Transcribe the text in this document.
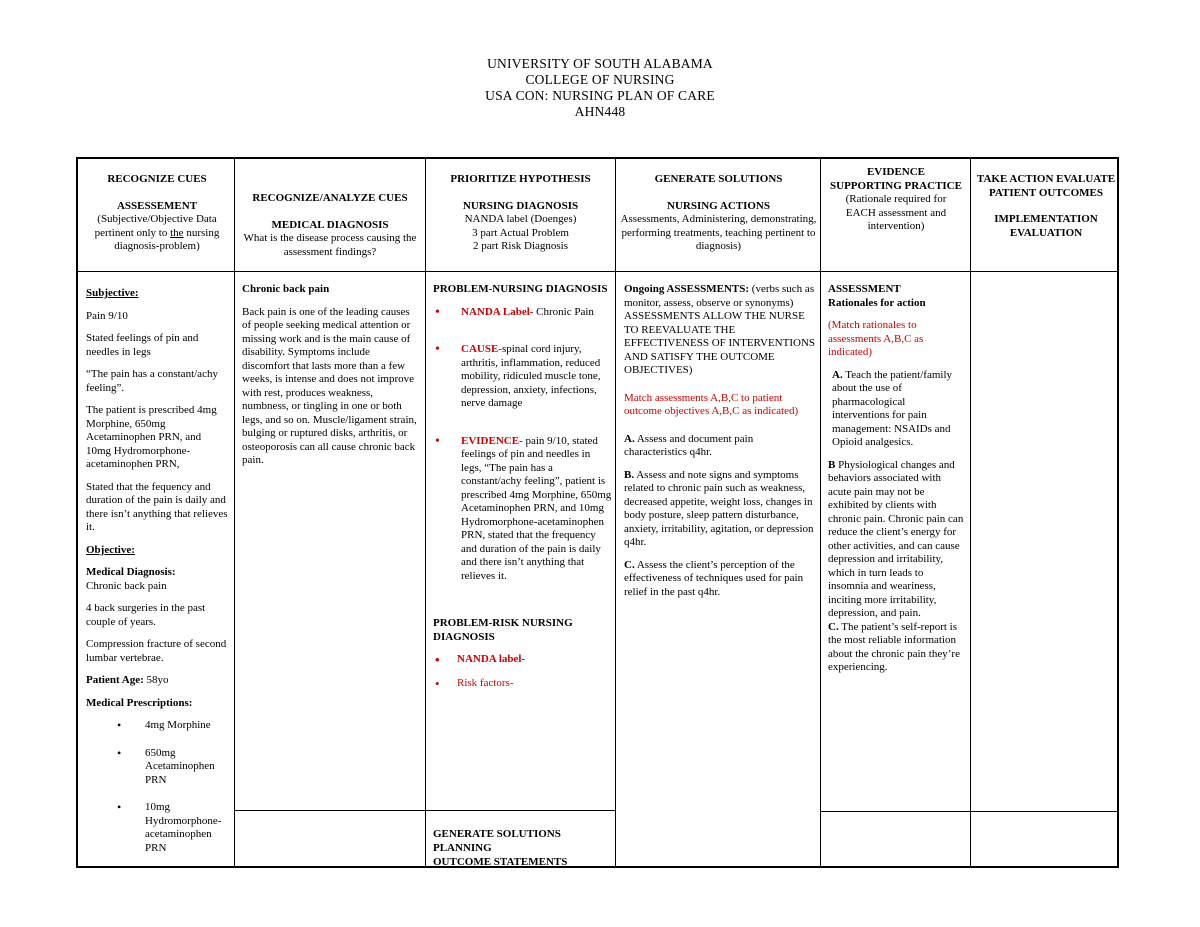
UNIVERSITY OF SOUTH ALABAMA
COLLEGE OF NURSING
USA CON: NURSING PLAN OF CARE
AHN448
RECOGNIZE CUES
ASSESSEMENT
(Subjective/Objective Data pertinent only to the nursing diagnosis-problem)
RECOGNIZE/ANALYZE CUES
MEDICAL DIAGNOSIS
What is the disease process causing the assessment findings?
PRIORITIZE HYPOTHESIS
NURSING DIAGNOSIS
NANDA label (Doenges)
3 part Actual Problem
2 part Risk Diagnosis
GENERATE SOLUTIONS
NURSING ACTIONS
Assessments, Administering, demonstrating, performing treatments, teaching pertinent to diagnosis)
EVIDENCE SUPPORTING PRACTICE (Rationale required for EACH assessment and intervention)
TAKE ACTION EVALUATE PATIENT OUTCOMES
IMPLEMENTATION EVALUATION

Subjective:

Pain 9/10

Stated feelings of pin and needles in legs

“The pain has a constant/achy feeling”.

The patient is prescribed 4mg Morphine, 650mg Acetaminophen PRN, and 10mg Hydromorphone-acetaminophen PRN,

Stated that the fequency and duration of the pain is daily and there isn’t anything that relieves it.

Objective:

Medical Diagnosis:

Chronic back pain

4 back surgeries in the past couple of years.

Compression fracture of second lumbar vertebrae.

Patient Age: 58yo

Medical Prescriptions:

• 4mg Morphine
• 650mg Acetaminophen PRN
• 10mg Hydromorphone-acetaminophen PRN

Chronic back pain

Back pain is one of the leading causes of people seeking medical attention or missing work and is the main cause of disability. Symptoms include discomfort that lasts more than a few weeks, is intense and does not improve with rest, produces weakness, numbness, or tingling in one or both legs, and so on. Muscle/ligament strain, bulging or ruptured disks, arthritis, or osteoporosis can all cause chronic back pain.

PROBLEM-NURSING DIAGNOSIS

• NANDA Label- Chronic Pain
• CAUSE-spinal cord injury, arthritis, inflammation, reduced mobility, ridiculed muscle tone, depression, anxiety, infections, nerve damage
• EVIDENCE- pain 9/10, stated feelings of pin and needles in legs, “The pain has a constant/achy feeling”, patient is prescribed 4mg Morphine, 650mg Acetaminophen PRN, and 10mg Hydromorphone-acetaminophen PRN, stated that the frequency and duration of the pain is daily and there isn’t anything that relieves it.

PROBLEM-RISK NURSING DIAGNOSIS

• NANDA label-
• Risk factors-
GENERATE SOLUTIONS
PLANNING
OUTCOME STATEMENTS

Ongoing ASSESSMENTS: (verbs such as monitor, assess, observe or synonyms) ASSESSMENTS ALLOW THE NURSE TO REEVALUATE THE EFFECTIVENESS OF INTERVENTIONS AND SATISFY THE OUTCOME OBJECTIVES)

Match assessments A,B,C to patient outcome objectives A,B,C as indicated)

A. Assess and document pain characteristics q4hr.

B. Assess and note signs and symptoms related to chronic pain such as weakness, decreased appetite, weight loss, changes in body posture, sleep pattern disturbance, anxiety, irritability, agitation, or depression q4hr.

C. Assess the client’s perception of the effectiveness of techniques used for pain relief in the past q4hr.

ASSESSMENT

Rationales for action

(Match rationales to assessments A,B,C as indicated)

A. Teach the patient/family about the use of pharmacological interventions for pain management: NSAIDs and Opioid analgesics.

B Physiological changes and behaviors associated with acute pain may not be exhibited by clients with chronic pain. Chronic pain can reduce the client’s energy for other activities, and can cause depression and irritability, which in turn leads to insomnia and weariness, inciting more irritability, depression, and pain.
C. The patient’s self-report is the most reliable information about the chronic pain they’re experiencing.
